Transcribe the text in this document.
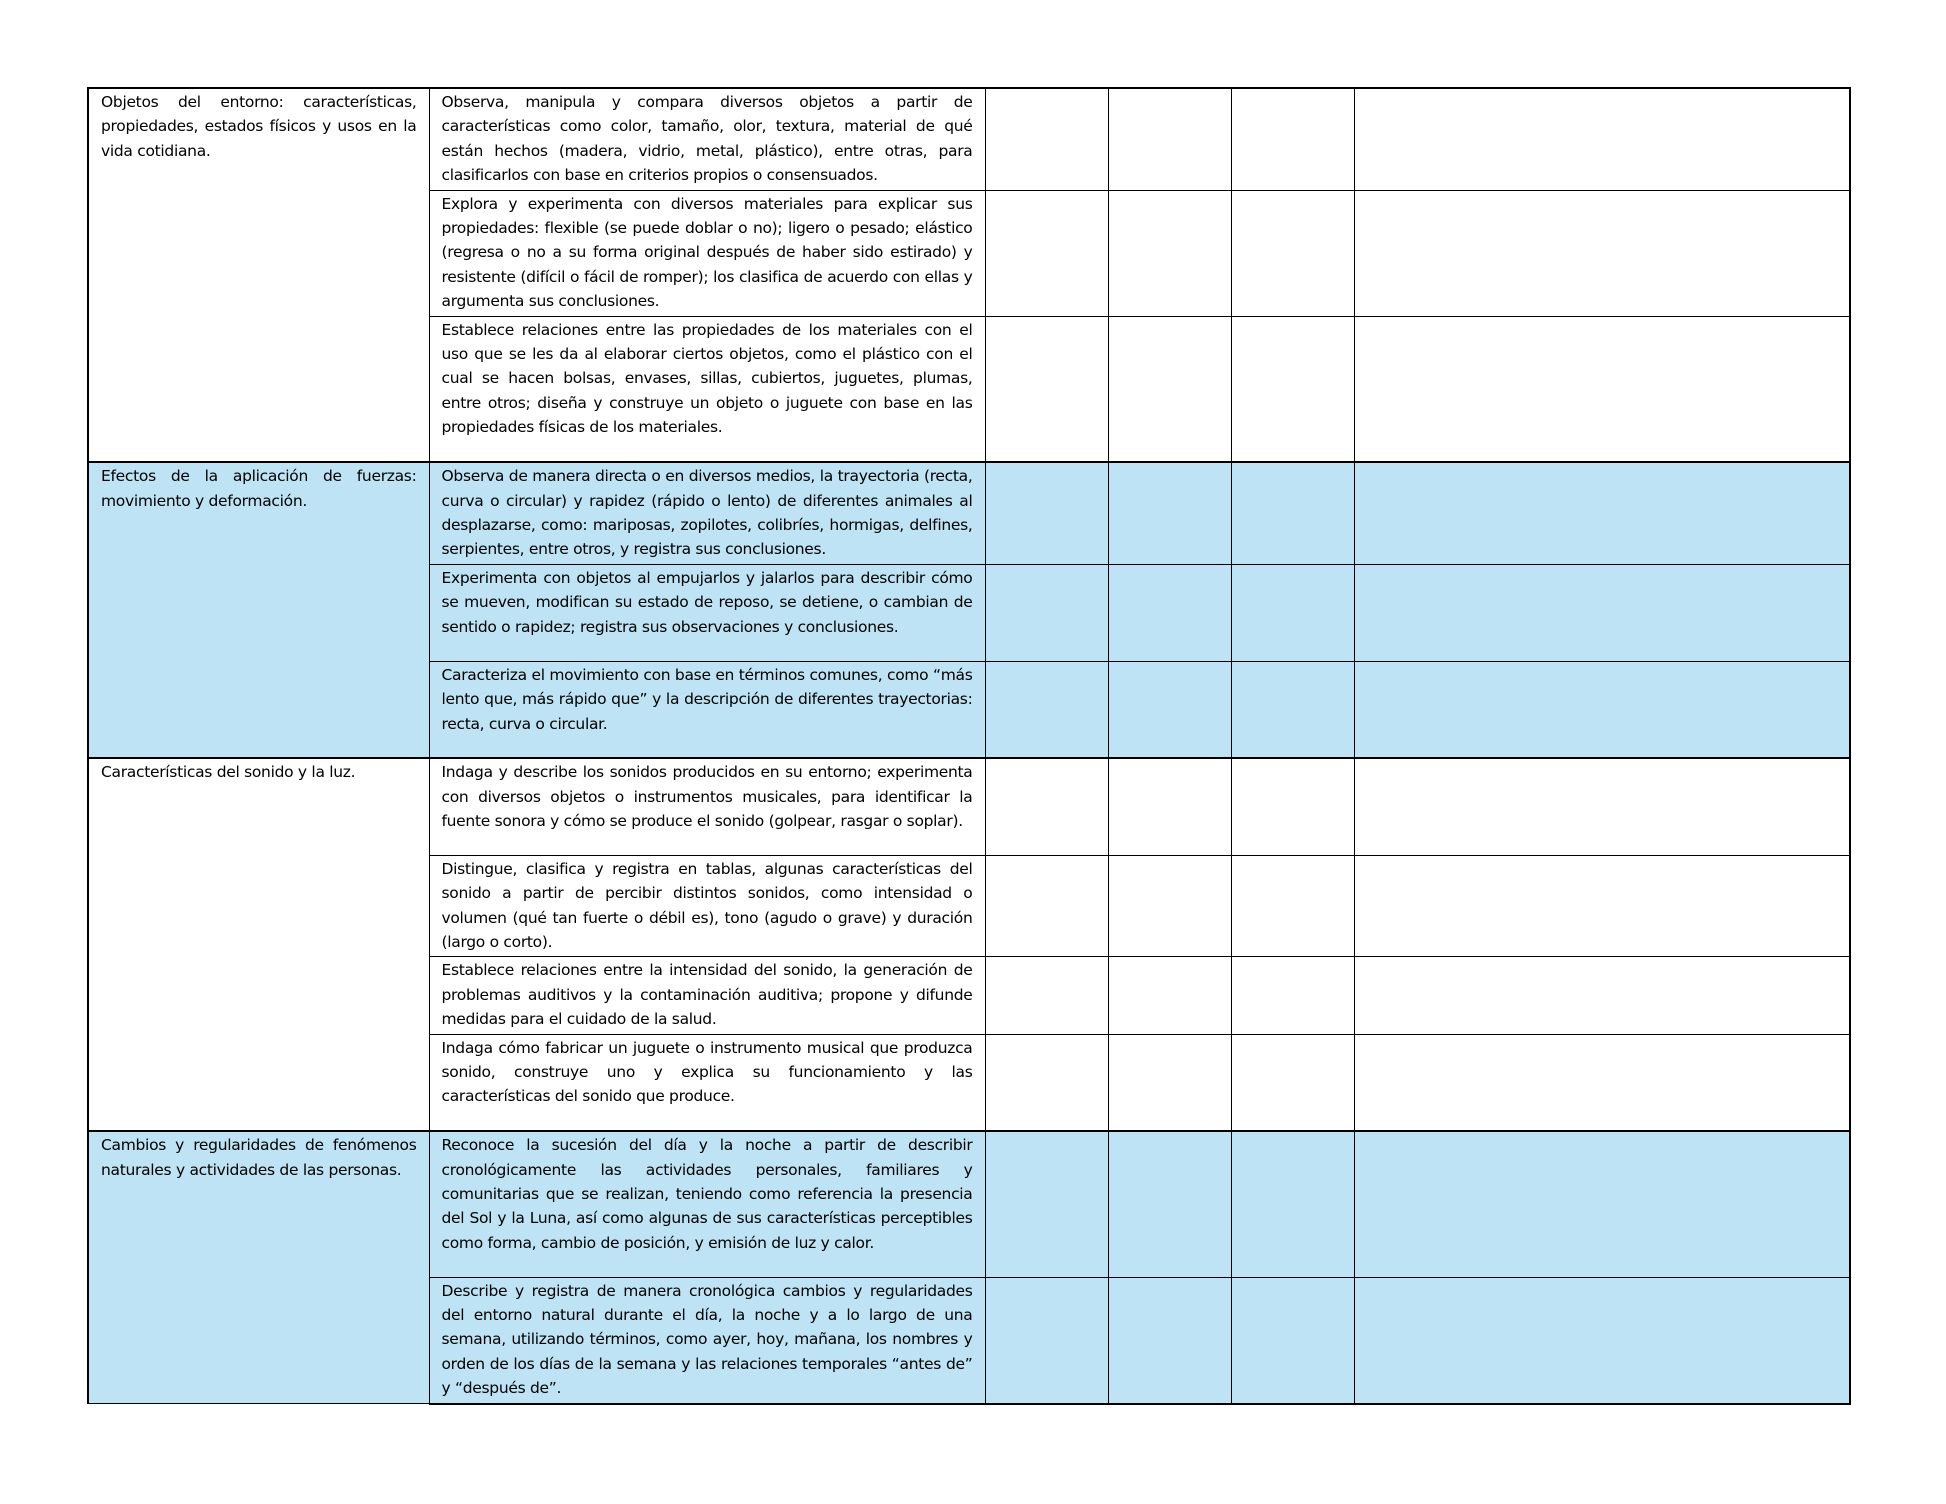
Objetos del entorno: características, propiedades, estados físicos y usos en la vida cotidiana.	Observa, manipula y compara diversos objetos a partir de características como color, tamaño, olor, textura, material de qué están hechos (madera, vidrio, metal, plástico), entre otras, para clasificarlos con base en criterios propios o consensuados.				
	Explora y experimenta con diversos materiales para explicar sus propiedades: flexible (se puede doblar o no); ligero o pesado; elástico (regresa o no a su forma original después de haber sido estirado) y resistente (difícil o fácil de romper); los clasifica de acuerdo con ellas y argumenta sus conclusiones.				
	Establece relaciones entre las propiedades de los materiales con el uso que se les da al elaborar ciertos objetos, como el plástico con el cual se hacen bolsas, envases, sillas, cubiertos, juguetes, plumas, entre otros; diseña y construye un objeto o juguete con base en las propiedades físicas de los materiales.				
Efectos de la aplicación de fuerzas: movimiento y deformación.	Observa de manera directa o en diversos medios, la trayectoria (recta, curva o circular) y rapidez (rápido o lento) de diferentes animales al desplazarse, como: mariposas, zopilotes, colibríes, hormigas, delfines, serpientes, entre otros, y registra sus conclusiones.				
	Experimenta con objetos al empujarlos y jalarlos para describir cómo se mueven, modifican su estado de reposo, se detiene, o cambian de sentido o rapidez; registra sus observaciones y conclusiones.				
	Caracteriza el movimiento con base en términos comunes, como “más lento que, más rápido que” y la descripción de diferentes trayectorias: recta, curva o circular.				
Características del sonido y la luz.	Indaga y describe los sonidos producidos en su entorno; experimenta con diversos objetos o instrumentos musicales, para identificar la fuente sonora y cómo se produce el sonido (golpear, rasgar o soplar).				
	Distingue, clasifica y registra en tablas, algunas características del sonido a partir de percibir distintos sonidos, como intensidad o volumen (qué tan fuerte o débil es), tono (agudo o grave) y duración (largo o corto).				
	Establece relaciones entre la intensidad del sonido, la generación de problemas auditivos y la contaminación auditiva; propone y difunde medidas para el cuidado de la salud.				
	Indaga cómo fabricar un juguete o instrumento musical que produzca sonido, construye uno y explica su funcionamiento y las características del sonido que produce.				
Cambios y regularidades de fenómenos naturales y actividades de las personas.	Reconoce la sucesión del día y la noche a partir de describir cronológicamente las actividades personales, familiares y comunitarias que se realizan, teniendo como referencia la presencia del Sol y la Luna, así como algunas de sus características perceptibles como forma, cambio de posición, y emisión de luz y calor.				
	Describe y registra de manera cronológica cambios y regularidades del entorno natural durante el día, la noche y a lo largo de una semana, utilizando términos, como ayer, hoy, mañana, los nombres y orden de los días de la semana y las relaciones temporales “antes de” y “después de”.				
